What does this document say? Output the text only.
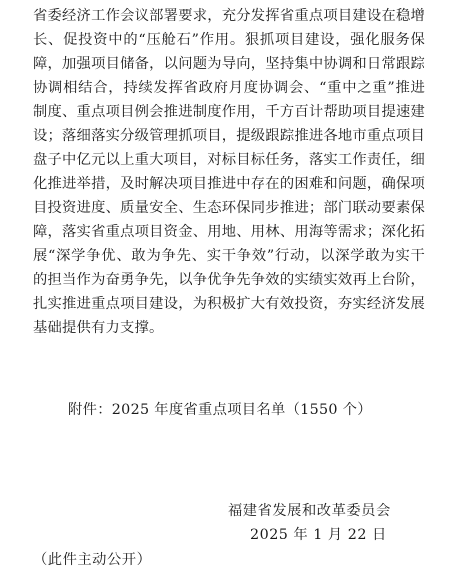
省委经济工作会议部署要求，充分发挥省重点项目建设在稳增
长、促投资中的“压舱石”作用。狠抓项目建设，强化服务保
障，加强项目储备，以问题为导向，坚持集中协调和日常跟踪
协调相结合，持续发挥省政府月度协调会、“重中之重”推进
制度、重点项目例会推进制度作用，千方百计帮助项目提速建
设；落细落实分级管理抓项目，提级跟踪推进各地市重点项目
盘子中亿元以上重大项目，对标目标任务，落实工作责任，细
化推进举措，及时解决项目推进中存在的困难和问题，确保项
目投资进度、质量安全、生态环保同步推进；部门联动要素保
障，落实省重点项目资金、用地、用林、用海等需求；深化拓
展“深学争优、敢为争先、实干争效”行动，以深学敢为实干
的担当作为奋勇争先，以争优争先争效的实绩实效再上台阶，
扎实推进重点项目建设，为积极扩大有效投资，夯实经济发展
基础提供有力支撑。
附件：2025 年度省重点项目名单（1550 个）
福建省发展和改革委员会
2025 年 1 月 22 日
（此件主动公开）
